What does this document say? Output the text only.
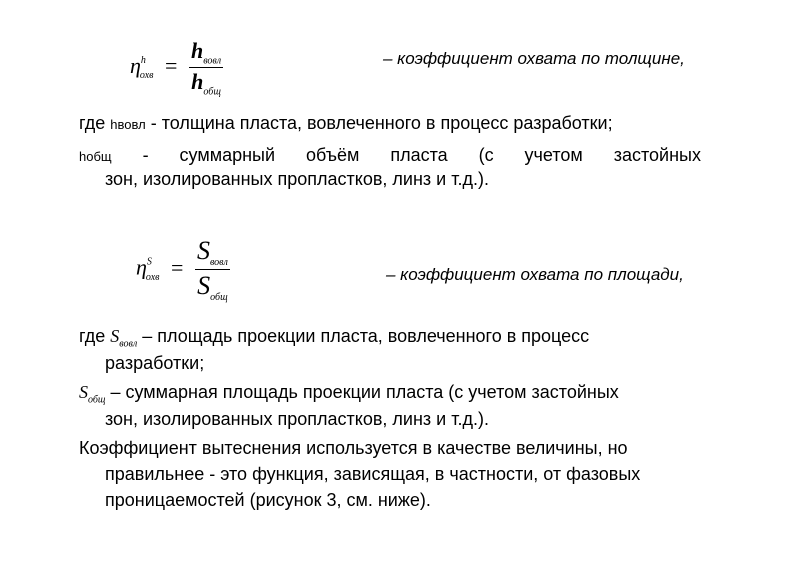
$\eta^h_{охв} = \frac{h_{вовл}}{h_{общ}}$	– коэффициент охвата по толщине,
где hвовл - толщина пласта, вовлеченного в процесс разработки;
hобщ - суммарный объём пласта (с учетом застойных
зон, изолированных пропластков, линз и т.д.).
$\eta^S_{охв} = \frac{S_{вовл}}{S_{общ}}$	– коэффициент охвата по площади,
где $S_{вовл}$ – площадь проекции пласта, вовлеченного в процесс
разработки;
$S_{общ}$ – суммарная площадь проекции пласта (с учетом застойных
зон, изолированных пропластков, линз и т.д.).
Коэффициент вытеснения используется в качестве величины, но
правильнее - это функция, зависящая, в частности, от фазовых
проницаемостей (рисунок 3, см. ниже).
